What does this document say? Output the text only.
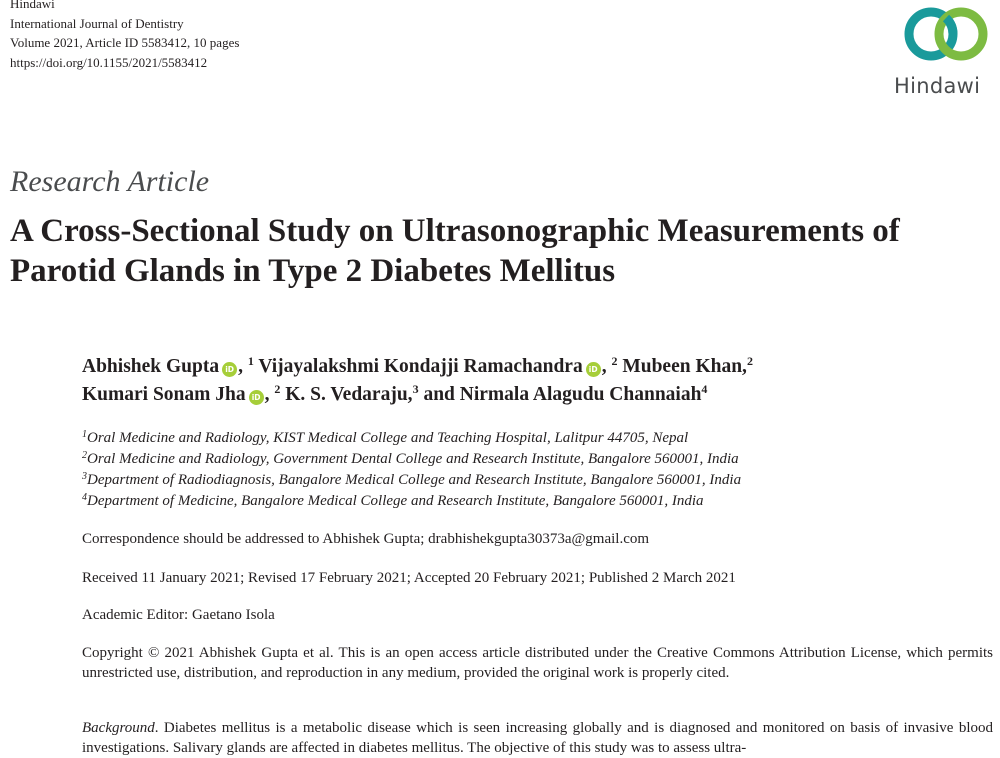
Hindawi
International Journal of Dentistry
Volume 2021, Article ID 5583412, 10 pages
https://doi.org/10.1155/2021/5583412
Hindawi
Research Article
A Cross-Sectional Study on Ultrasonographic Measurements of Parotid Glands in Type 2 Diabetes Mellitus
Abhishek Gupta iD , $^1$ Vijayalakshmi Kondajji Ramachandra iD , $^2$ Mubeen Khan,$^2$
Kumari Sonam Jha iD , $^2$ K. S. Vedaraju,$^3$ and Nirmala Alagudu Channaiah$^4$
$^1$Oral Medicine and Radiology, KIST Medical College and Teaching Hospital, Lalitpur 44705, Nepal
$^2$Oral Medicine and Radiology, Government Dental College and Research Institute, Bangalore 560001, India
$^3$Department of Radiodiagnosis, Bangalore Medical College and Research Institute, Bangalore 560001, India
$^4$Department of Medicine, Bangalore Medical College and Research Institute, Bangalore 560001, India
Correspondence should be addressed to Abhishek Gupta; drabhishekgupta30373a@gmail.com
Received 11 January 2021; Revised 17 February 2021; Accepted 20 February 2021; Published 2 March 2021
Academic Editor: Gaetano Isola
Copyright © 2021 Abhishek Gupta et al. This is an open access article distributed under the Creative Commons Attribution License, which permits unrestricted use, distribution, and reproduction in any medium, provided the original work is properly cited.
Background. Diabetes mellitus is a metabolic disease which is seen increasing globally and is diagnosed and monitored on basis of invasive blood investigations. Salivary glands are affected in diabetes mellitus. The objective of this study was to assess ultra-
